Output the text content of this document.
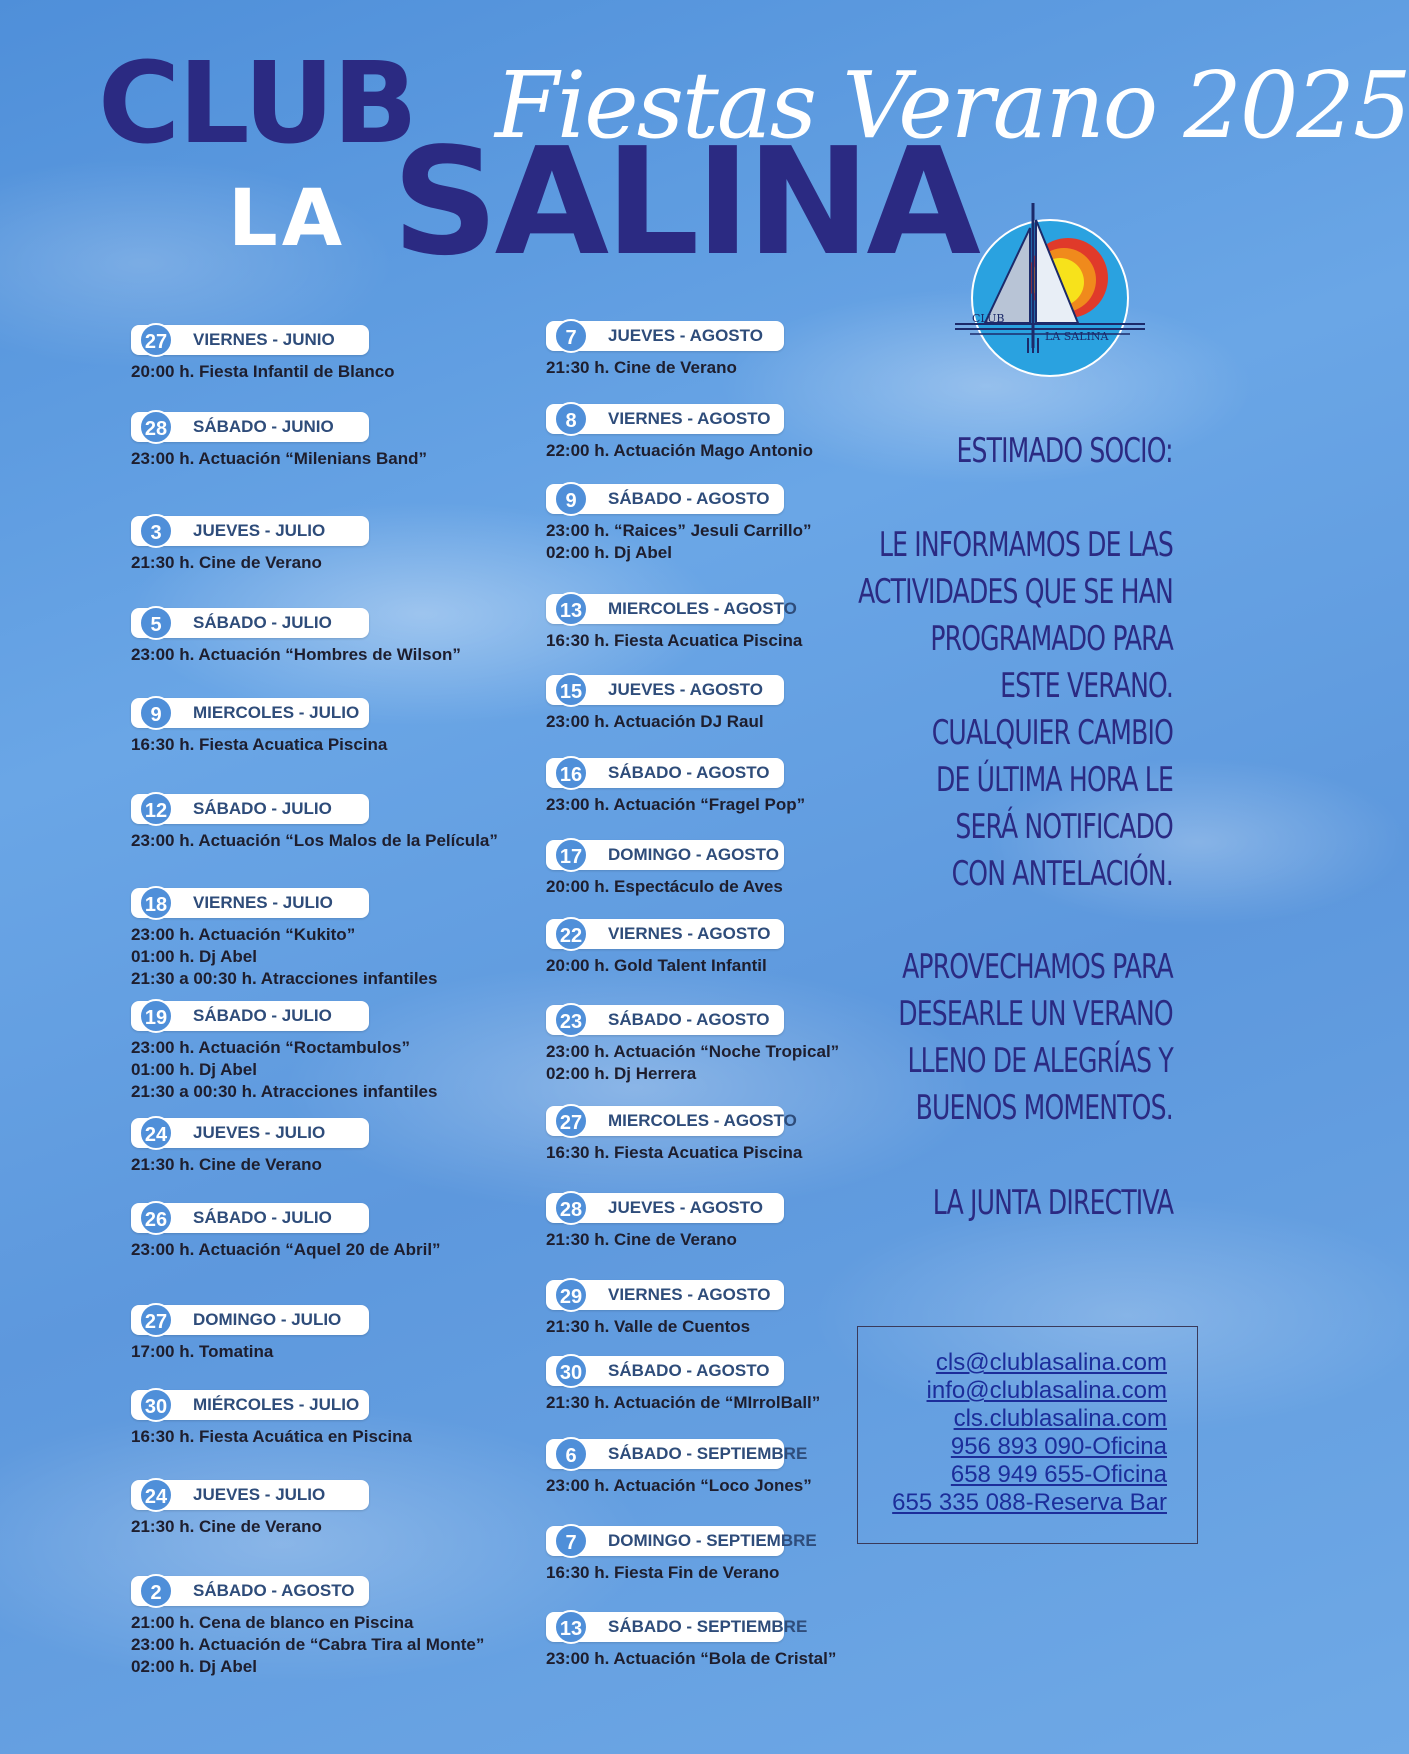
CLUB
LA SALINA
Fiestas Verano 2025
CLUB
LA SALINA
27	VIERNES - JUNIO
20:00 h. Fiesta Infantil de Blanco
28	SÁBADO - JUNIO
23:00 h. Actuación “Milenians Band”
3	JUEVES - JULIO
21:30 h. Cine de Verano
5	SÁBADO - JULIO
23:00 h. Actuación “Hombres de Wilson”
9	MIERCOLES - JULIO
16:30 h. Fiesta Acuatica Piscina
12	SÁBADO - JULIO
23:00 h. Actuación “Los Malos de la Película”
18	VIERNES - JULIO
23:00 h. Actuación “Kukito”
01:00 h. Dj Abel
21:30 a 00:30 h. Atracciones infantiles
19	SÁBADO - JULIO
23:00 h. Actuación “Roctambulos”
01:00 h. Dj Abel
21:30 a 00:30 h. Atracciones infantiles
24	JUEVES - JULIO
21:30 h. Cine de Verano
26	SÁBADO - JULIO
23:00 h. Actuación “Aquel 20 de Abril”
27	DOMINGO - JULIO
17:00 h. Tomatina
30	MIÉRCOLES - JULIO
16:30 h. Fiesta Acuática en Piscina
24	JUEVES - JULIO
21:30 h. Cine de Verano
2	SÁBADO - AGOSTO
21:00 h. Cena de blanco en Piscina
23:00 h. Actuación de “Cabra Tira al Monte”
02:00 h. Dj Abel
7	JUEVES - AGOSTO
21:30 h. Cine de Verano
8	VIERNES - AGOSTO
22:00 h. Actuación Mago Antonio
9	SÁBADO - AGOSTO
23:00 h. “Raices” Jesuli Carrillo”
02:00 h. Dj Abel
13	MIERCOLES - AGOSTO
16:30 h. Fiesta Acuatica Piscina
15	JUEVES - AGOSTO
23:00 h. Actuación DJ Raul
16	SÁBADO - AGOSTO
23:00 h. Actuación “Fragel Pop”
17	DOMINGO - AGOSTO
20:00 h. Espectáculo de Aves
22	VIERNES - AGOSTO
20:00 h. Gold Talent Infantil
23	SÁBADO - AGOSTO
23:00 h. Actuación “Noche Tropical”
02:00 h. Dj Herrera
27	MIERCOLES - AGOSTO
16:30 h. Fiesta Acuatica Piscina
28	JUEVES - AGOSTO
21:30 h. Cine de Verano
29	VIERNES - AGOSTO
21:30 h. Valle de Cuentos
30	SÁBADO - AGOSTO
21:30 h. Actuación de “MIrrolBall”
6	SÁBADO - SEPTIEMBRE
23:00 h. Actuación “Loco Jones”
7	DOMINGO - SEPTIEMBRE
16:30 h. Fiesta Fin de Verano
13	SÁBADO - SEPTIEMBRE
23:00 h. Actuación “Bola de Cristal”
ESTIMADO SOCIO:
LE INFORMAMOS DE LAS
ACTIVIDADES QUE SE HAN
PROGRAMADO PARA
ESTE VERANO.
CUALQUIER CAMBIO
DE ÚLTIMA HORA LE
SERÁ NOTIFICADO
CON ANTELACIÓN.
APROVECHAMOS PARA
DESEARLE UN VERANO
LLENO DE ALEGRÍAS Y
BUENOS MOMENTOS.
LA JUNTA DIRECTIVA
cls@clublasalina.com
info@clublasalina.com
cls.clublasalina.com
956 893 090-Oficina
658 949 655-Oficina
655 335 088-Reserva Bar
